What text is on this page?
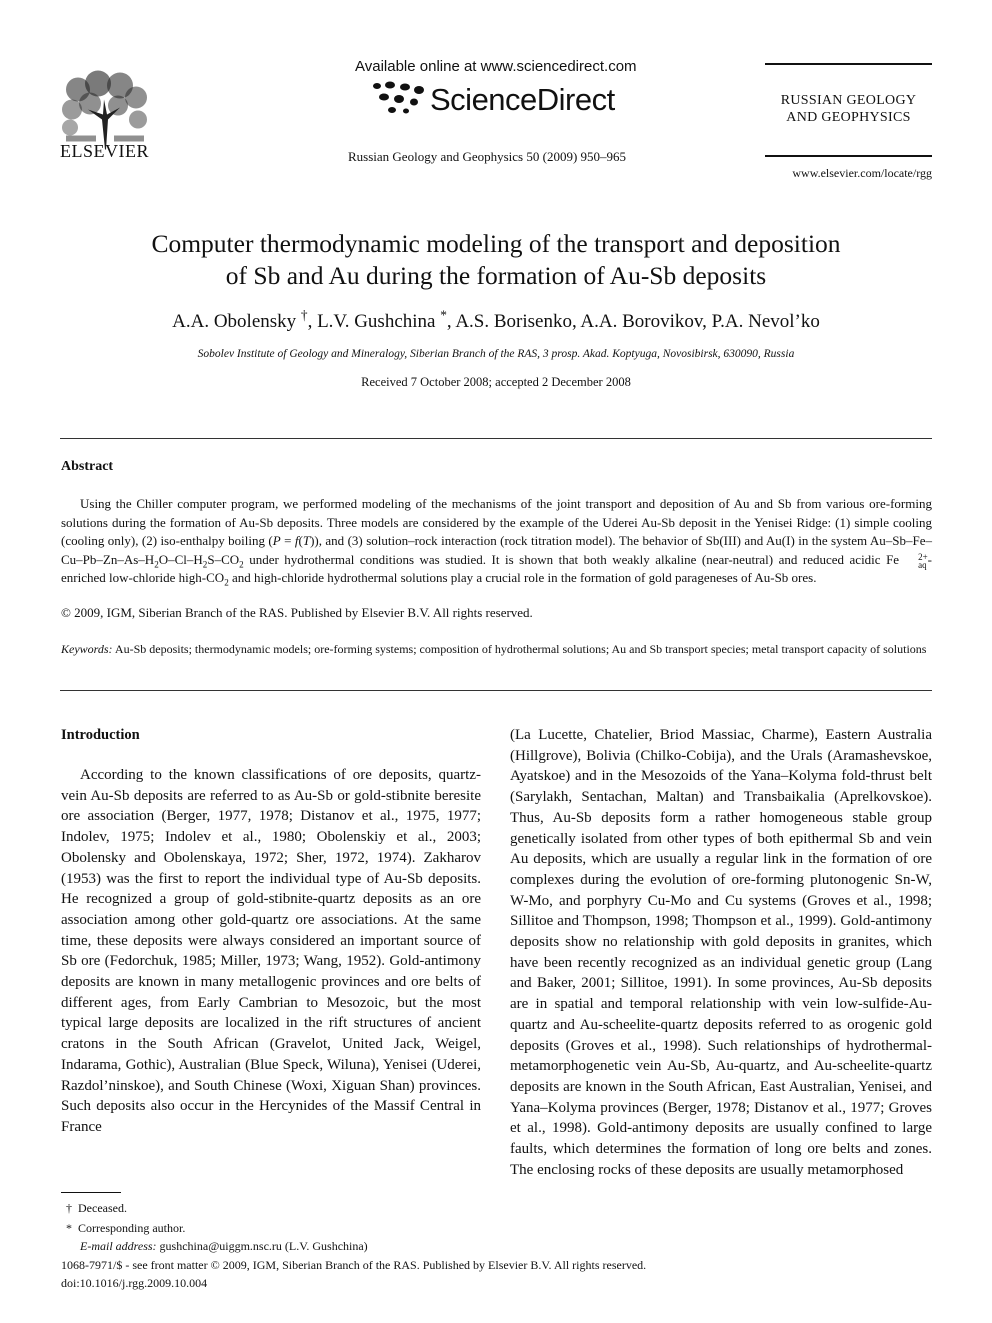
ELSEVIER
Available online at www.sciencedirect.com
ScienceDirect
Russian Geology and Geophysics 50 (2009) 950–965
RUSSIAN GEOLOGY
AND GEOPHYSICS
www.elsevier.com/locate/rgg
Computer thermodynamic modeling of the transport and deposition
of Sb and Au during the formation of Au-Sb deposits
A.A. Obolensky †, L.V. Gushchina *, A.S. Borisenko, A.A. Borovikov, P.A. Nevol’ko
Sobolev Institute of Geology and Mineralogy, Siberian Branch of the RAS, 3 prosp. Akad. Koptyuga, Novosibirsk, 630090, Russia
Received 7 October 2008; accepted 2 December 2008
Abstract

Using the Chiller computer program, we performed modeling of the mechanisms of the joint transport and deposition of Au and Sb from various ore-forming solutions during the formation of Au-Sb deposits. Three models are considered by the example of the Uderei Au-Sb deposit in the Yenisei Ridge: (1) simple cooling (cooling only), (2) iso-enthalpy boiling (P = f(T)), and (3) solution–rock interaction (rock titration model). The behavior of Sb(III) and Au(I) in the system $Au-Sb-Fe-Cu-Pb-Zn-As-H_2O-Cl-H_2S-CO_2$ under hydrothermal conditions was studied. It is shown that both weakly alkaline (near-neutral) and reduced acidic Fe	2+
aq -enriched low-chloride high-$CO_2$ and high-chloride hydrothermal solutions play a crucial role in the formation of gold parageneses of Au-Sb ores.

© 2009, IGM, Siberian Branch of the RAS. Published by Elsevier B.V. All rights reserved.
Keywords: Au-Sb deposits; thermodynamic models; ore-forming systems; composition of hydrothermal solutions; Au and Sb transport species; metal transport capacity of solutions
Introduction

According to the known classifications of ore deposits, quartz-vein Au-Sb deposits are referred to as Au-Sb or gold-stibnite beresite ore association (Berger, 1977, 1978; Distanov et al., 1975, 1977; Indolev, 1975; Indolev et al., 1980; Obolenskiy et al., 2003; Obolensky and Obolenskaya, 1972; Sher, 1972, 1974). Zakharov (1953) was the first to report the individual type of Au-Sb deposits. He recognized a group of gold-stibnite-quartz deposits as an ore association among other gold-quartz ore associations. At the same time, these deposits were always considered an important source of Sb ore (Fedorchuk, 1985; Miller, 1973; Wang, 1952). Gold-antimony deposits are known in many metallogenic provinces and ore belts of different ages, from Early Cambrian to Mesozoic, but the most typical large deposits are localized in the rift structures of ancient cratons in the South African (Gravelot, United Jack, Weigel, Indarama, Gothic), Australian (Blue Speck, Wiluna), Yenisei (Uderei, Razdol’ninskoe), and South Chinese (Woxi, Xiguan Shan) provinces. Such deposits also occur in the Hercynides of the Massif Central in France

(La Lucette, Chatelier, Briod Massiac, Charme), Eastern Australia (Hillgrove), Bolivia (Chilko-Cobija), and the Urals (Aramashevskoe, Ayatskoe) and in the Mesozoids of the Yana–Kolyma fold-thrust belt (Sarylakh, Sentachan, Maltan) and Transbaikalia (Aprelkovskoe). Thus, Au-Sb deposits form a rather homogeneous stable group genetically isolated from other types of both epithermal Sb and vein Au deposits, which are usually a regular link in the formation of ore complexes during the evolution of ore-forming plutonogenic Sn-W, W-Mo, and porphyry Cu-Mo and Cu systems (Groves et al., 1998; Sillitoe and Thompson, 1998; Thompson et al., 1999). Gold-antimony deposits show no relationship with gold deposits in granites, which have been recently recognized as an individual genetic group (Lang and Baker, 2001; Sillitoe, 1991). In some provinces, Au-Sb deposits are in spatial and temporal relationship with vein low-sulfide-Au-quartz and Au-scheelite-quartz deposits referred to as orogenic gold deposits (Groves et al., 1998). Such relationships of hydrothermal-metamorphogenetic vein Au-Sb, Au-quartz, and Au-scheelite-quartz deposits are known in the South African, East Australian, Yenisei, and Yana–Kolyma provinces (Berger, 1978; Distanov et al., 1977; Groves et al., 1998). Gold-antimony deposits are usually confined to large faults, which determines the formation of long ore belts and zones. The enclosing rocks of these deposits are usually metamorphosed

† Deceased.
* Corresponding author.
E-mail address: gushchina@uiggm.nsc.ru (L.V. Gushchina)
1068-7971/$ - see front matter © 2009, IGM, Siberian Branch of the RAS. Published by Elsevier B.V. All rights reserved.
doi:10.1016/j.rgg.2009.10.004
